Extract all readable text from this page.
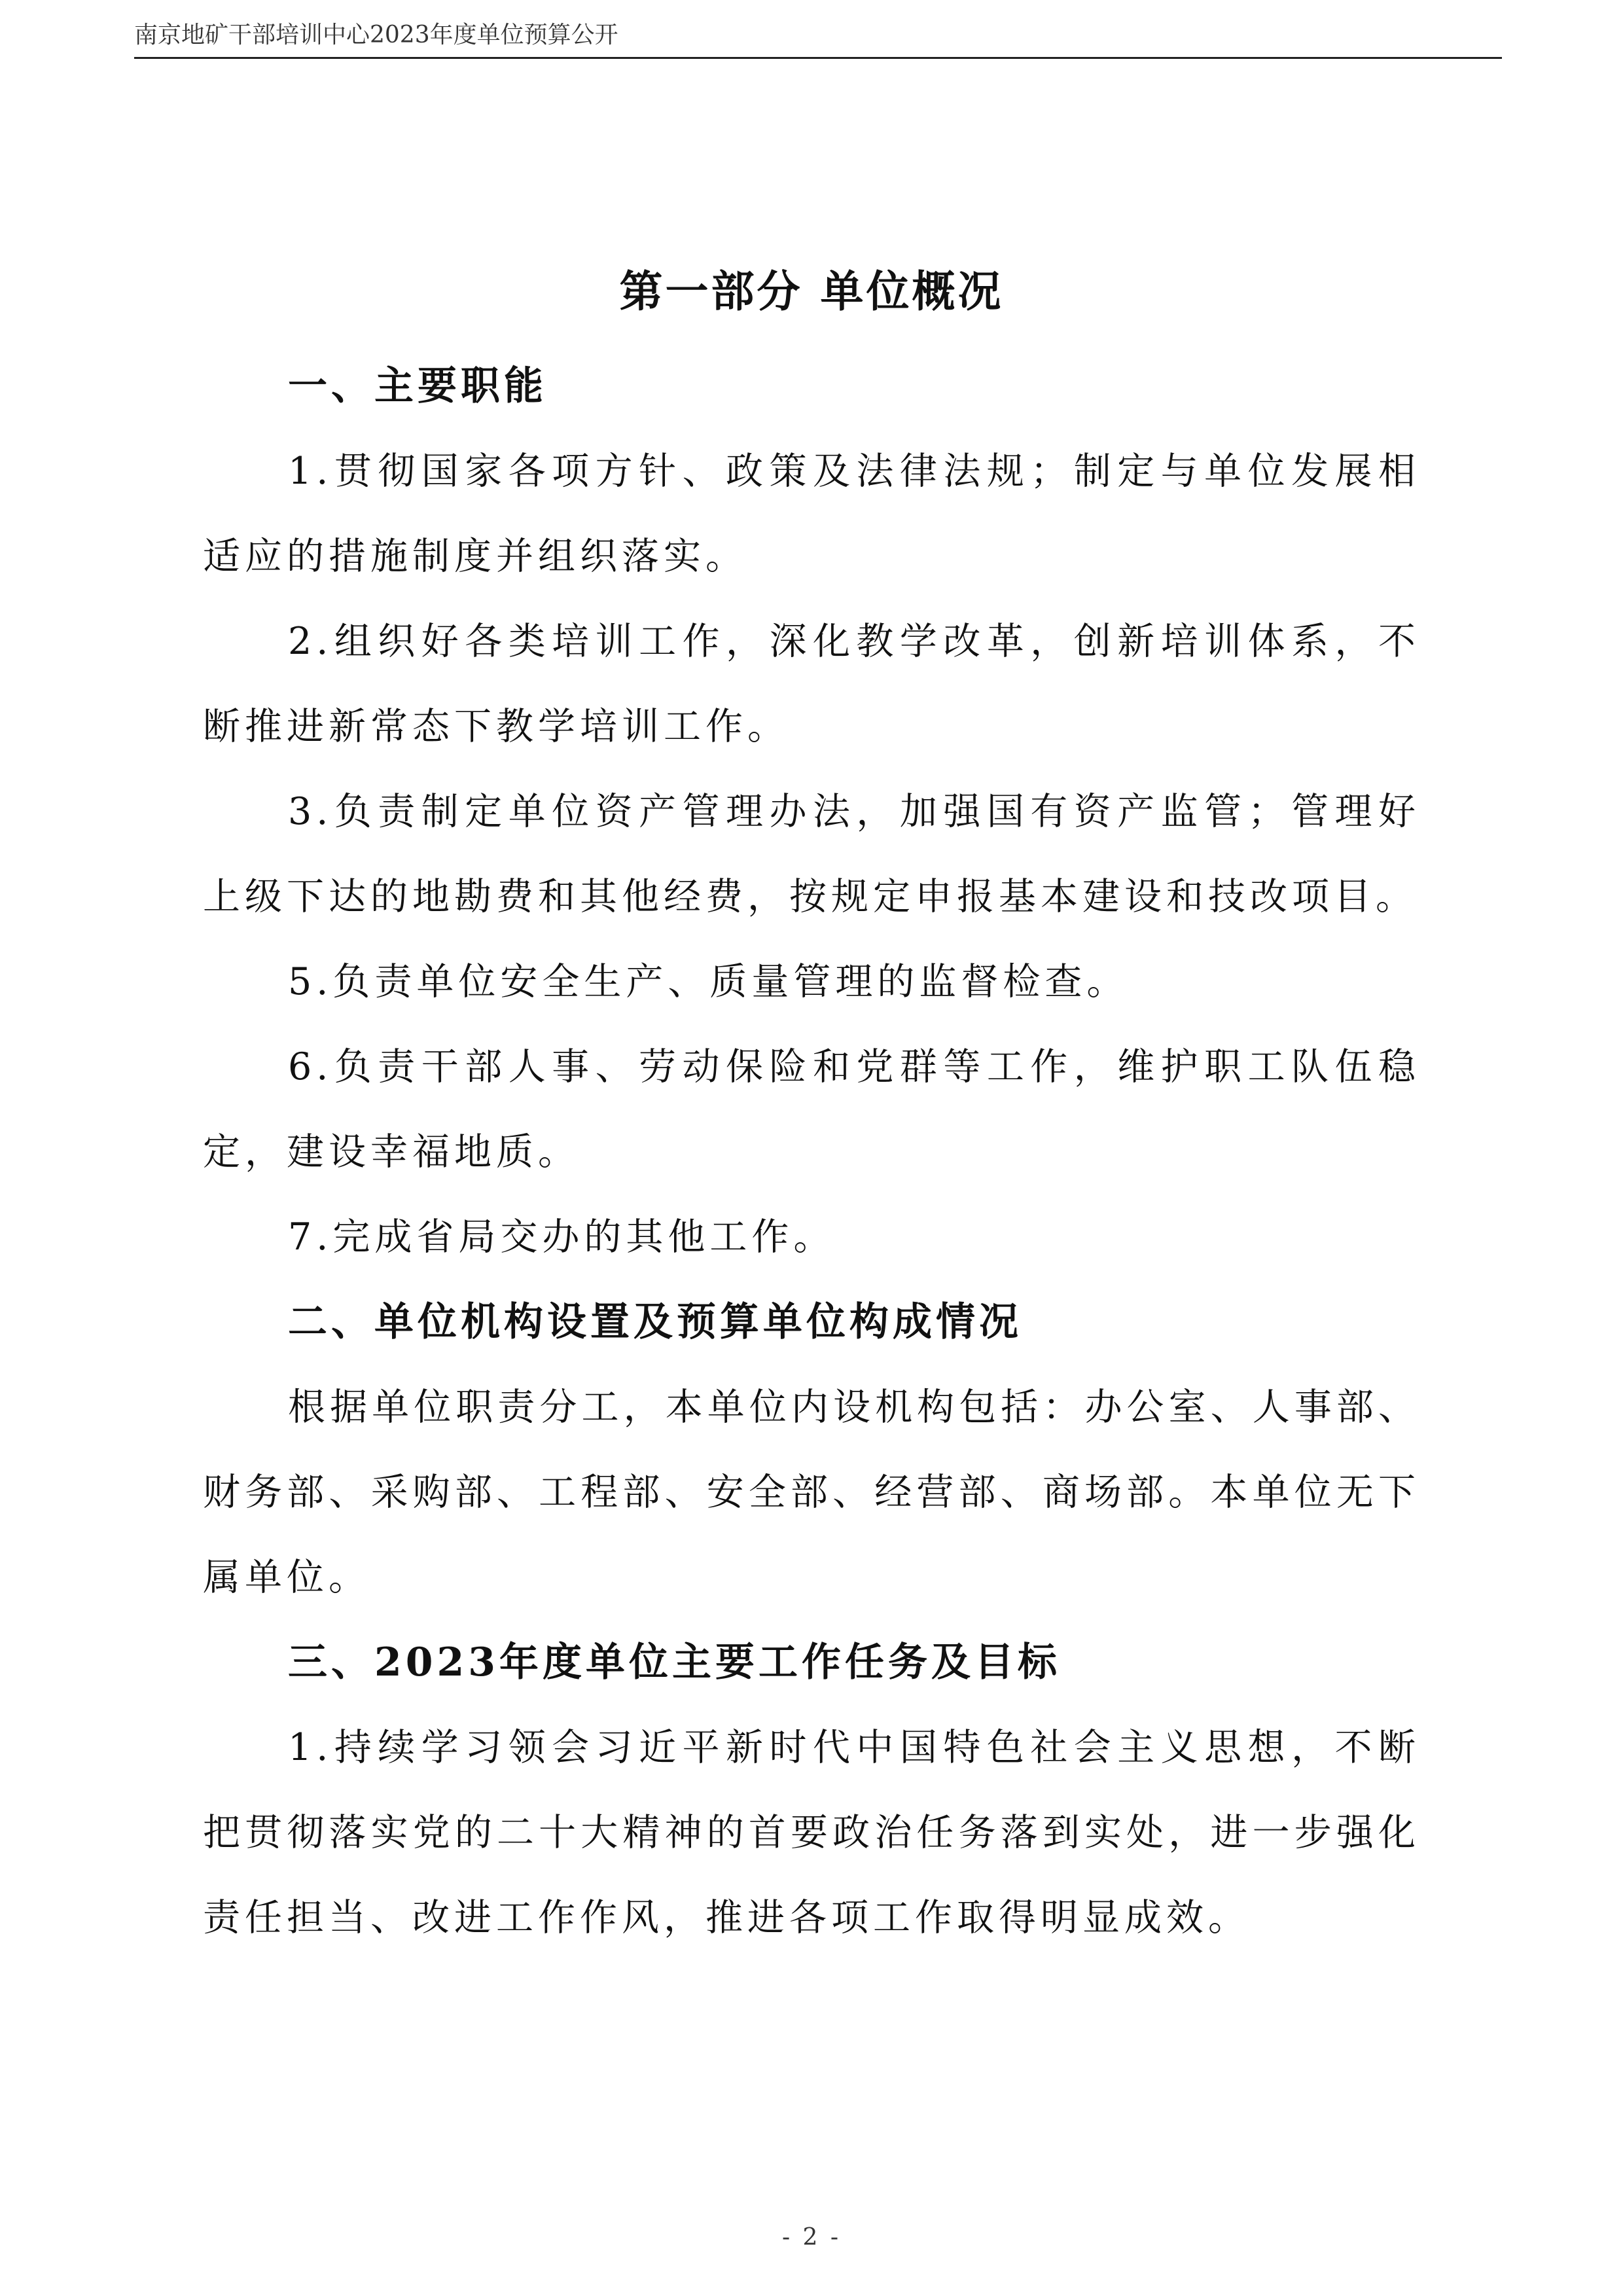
南京地矿干部培训中心2023年度单位预算公开
第一部分 单位概况
一、主要职能

1.贯彻国家各项方针、政策及法律法规；制定与单位发展相适应的措施制度并组织落实。

2.组织好各类培训工作，深化教学改革，创新培训体系，不断推进新常态下教学培训工作。

3.负责制定单位资产管理办法，加强国有资产监管；管理好上级下达的地勘费和其他经费，按规定申报基本建设和技改项目。

5.负责单位安全生产、质量管理的监督检查。

6.负责干部人事、劳动保险和党群等工作，维护职工队伍稳定，建设幸福地质。

7.完成省局交办的其他工作。

二、单位机构设置及预算单位构成情况

根据单位职责分工，本单位内设机构包括：办公室、人事部、财务部、采购部、工程部、安全部、经营部、商场部。本单位无下属单位。

三、2023年度单位主要工作任务及目标

1.持续学习领会习近平新时代中国特色社会主义思想，不断把贯彻落实党的二十大精神的首要政治任务落到实处，进一步强化责任担当、改进工作作风，推进各项工作取得明显成效。

- 2 -
